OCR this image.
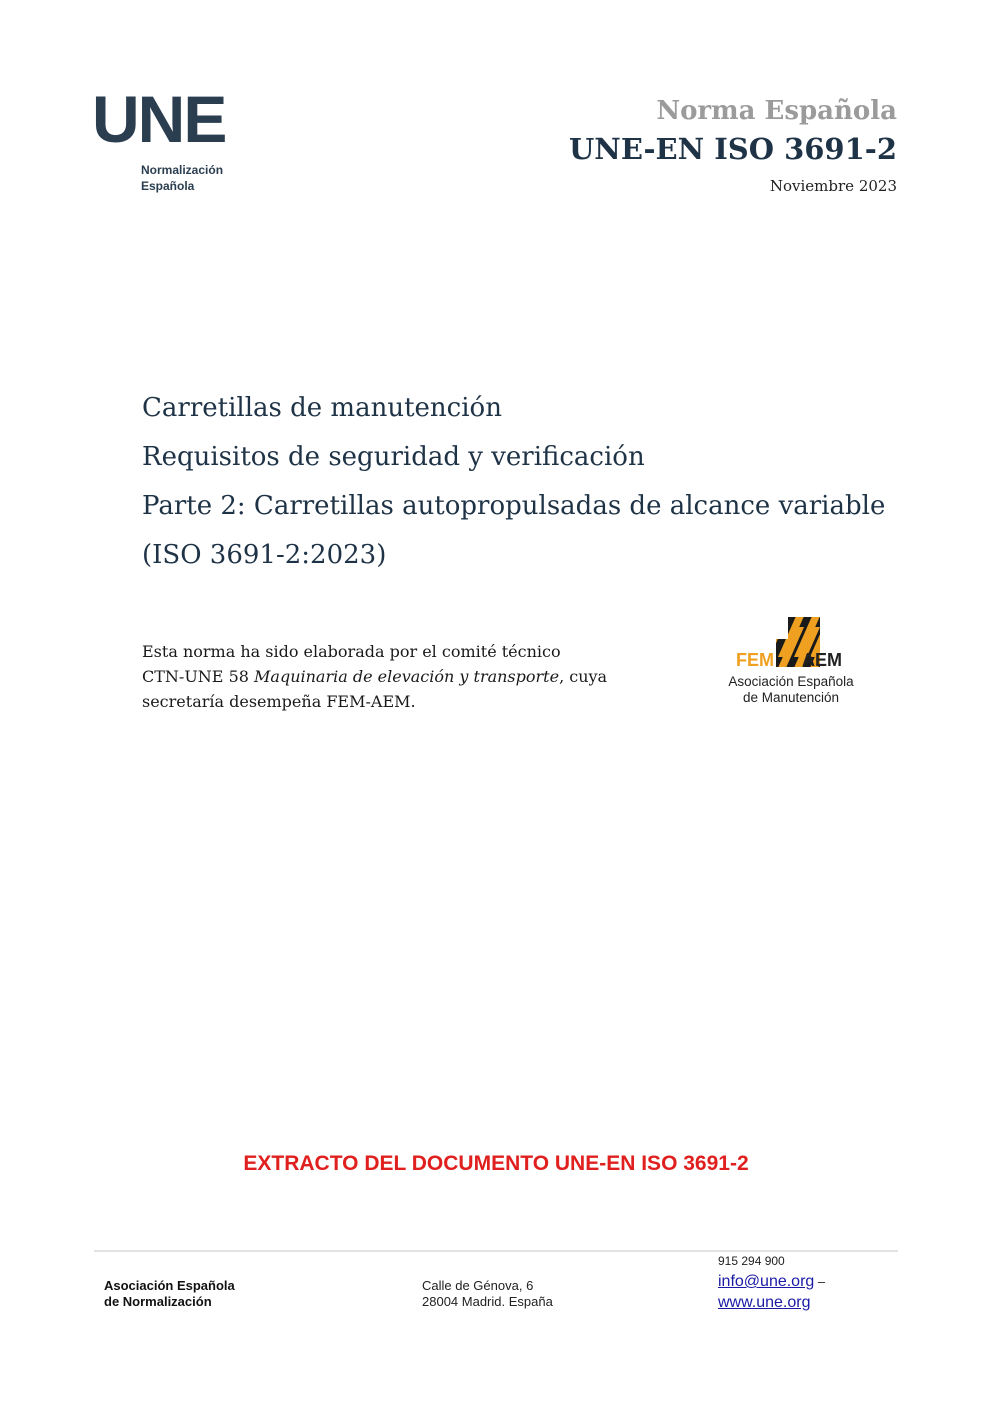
UNE
Normalización
Española
Norma Española
UNE-EN ISO 3691-2
Noviembre 2023
Carretillas de manutención
Requisitos de seguridad y verificación
Parte 2: Carretillas autopropulsadas de alcance variable
(ISO 3691-2:2023)
Esta norma ha sido elaborada por el comité técnico
CTN-UNE 58 Maquinaria de elevación y transporte, cuya
secretaría desempeña FEM-AEM.
FEM AEM
Asociación Española
de Manutención
EXTRACTO DEL DOCUMENTO UNE-EN ISO 3691-2
Asociación Española
de Normalización
Calle de Génova, 6
28004 Madrid. España
915 294 900
info@une.org –
www.une.org
